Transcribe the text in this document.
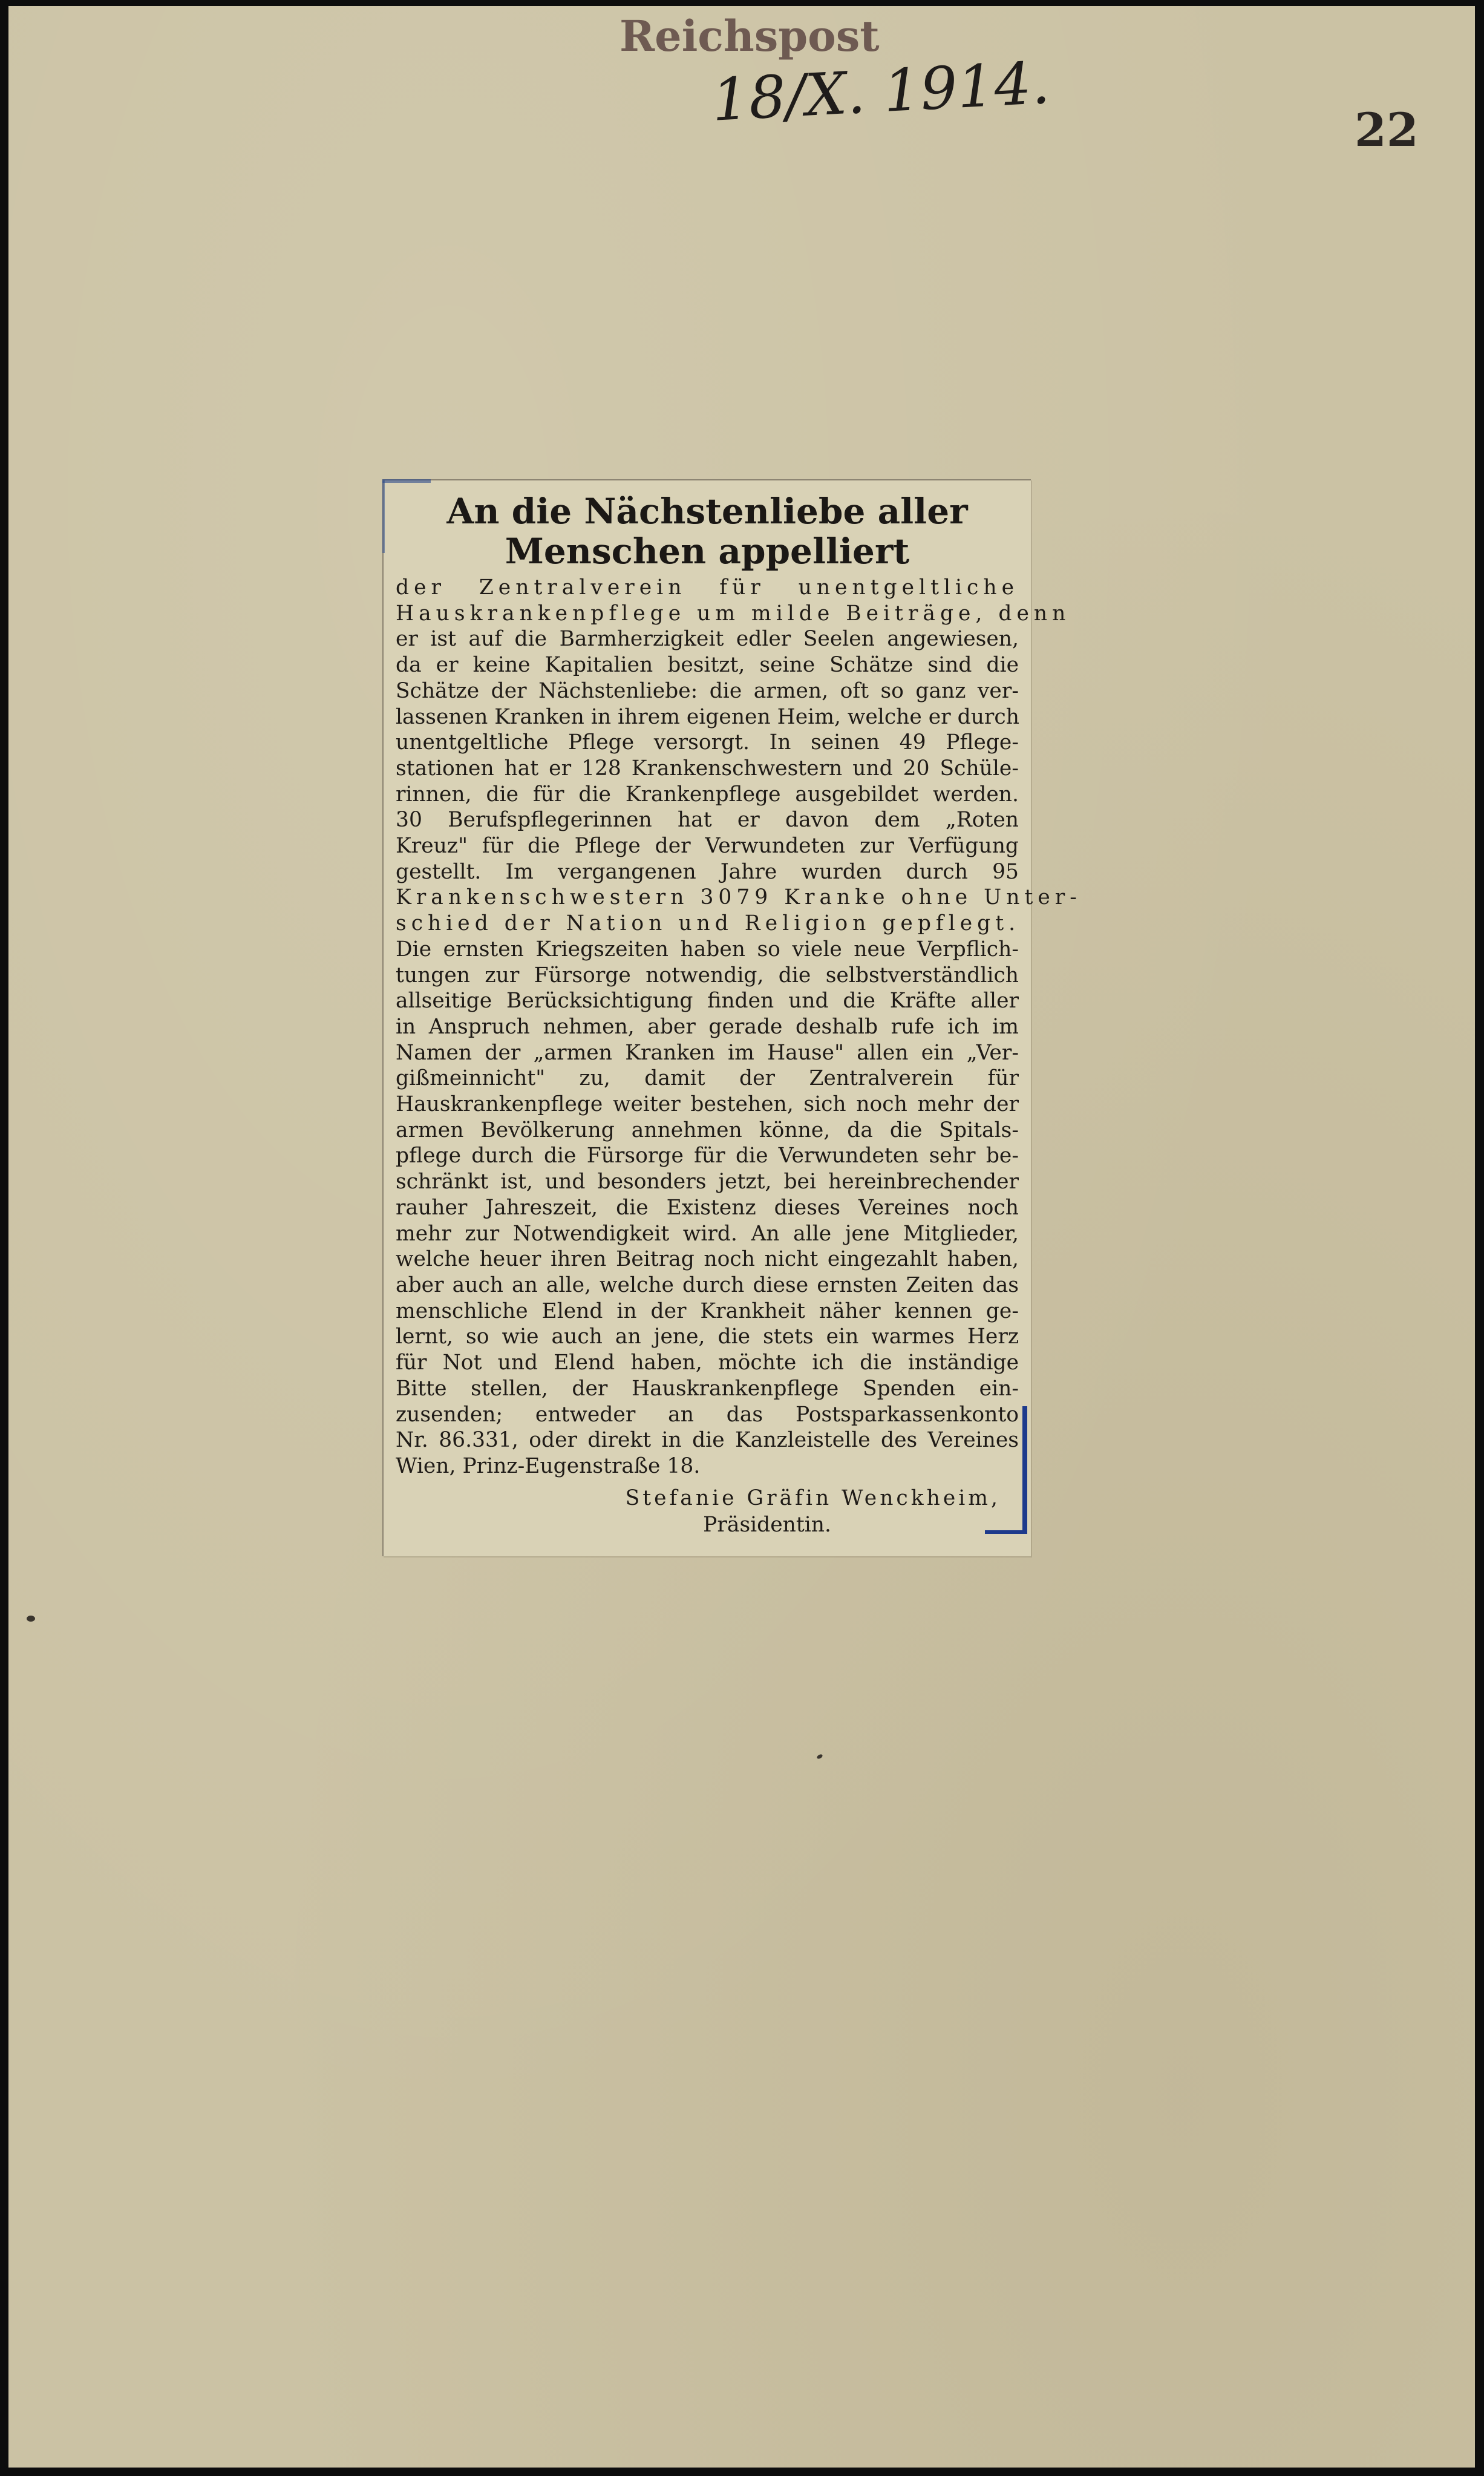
Reichspost
18/X. 1914.	22
An die Nächstenliebe aller
Menschen appelliert
der Zentralverein für unentgeltliche
Hauskrankenpflege um milde Beiträge, denn
er ist auf die Barmherzigkeit edler Seelen angewiesen,
da er keine Kapitalien besitzt, seine Schätze sind die
Schätze der Nächstenliebe: die armen, oft so ganz ver-
lassenen Kranken in ihrem eigenen Heim, welche er durch
unentgeltliche Pflege versorgt. In seinen 49 Pflege-
stationen hat er 128 Krankenschwestern und 20 Schüle-
rinnen, die für die Krankenpflege ausgebildet werden.
30 Berufspflegerinnen hat er davon dem „Roten
Kreuz" für die Pflege der Verwundeten zur Verfügung
gestellt. Im vergangenen Jahre wurden durch 95
Krankenschwestern 3079 Kranke ohne Unter-
schied der Nation und Religion gepflegt.
Die ernsten Kriegszeiten haben so viele neue Verpflich-
tungen zur Fürsorge notwendig, die selbstverständlich
allseitige Berücksichtigung finden und die Kräfte aller
in Anspruch nehmen, aber gerade deshalb rufe ich im
Namen der „armen Kranken im Hause" allen ein „Ver-
gißmeinnicht" zu, damit der Zentralverein für
Hauskrankenpflege weiter bestehen, sich noch mehr der
armen Bevölkerung annehmen könne, da die Spitals-
pflege durch die Fürsorge für die Verwundeten sehr be-
schränkt ist, und besonders jetzt, bei hereinbrechender
rauher Jahreszeit, die Existenz dieses Vereines noch
mehr zur Notwendigkeit wird. An alle jene Mitglieder,
welche heuer ihren Beitrag noch nicht eingezahlt haben,
aber auch an alle, welche durch diese ernsten Zeiten das
menschliche Elend in der Krankheit näher kennen ge-
lernt, so wie auch an jene, die stets ein warmes Herz
für Not und Elend haben, möchte ich die inständige
Bitte stellen, der Hauskrankenpflege Spenden ein-
zusenden; entweder an das Postsparkassenkonto
Nr. 86.331, oder direkt in die Kanzleistelle des Vereines
Wien, Prinz-Eugenstraße 18.
Stefanie Gräfin Wenckheim,
Präsidentin.
